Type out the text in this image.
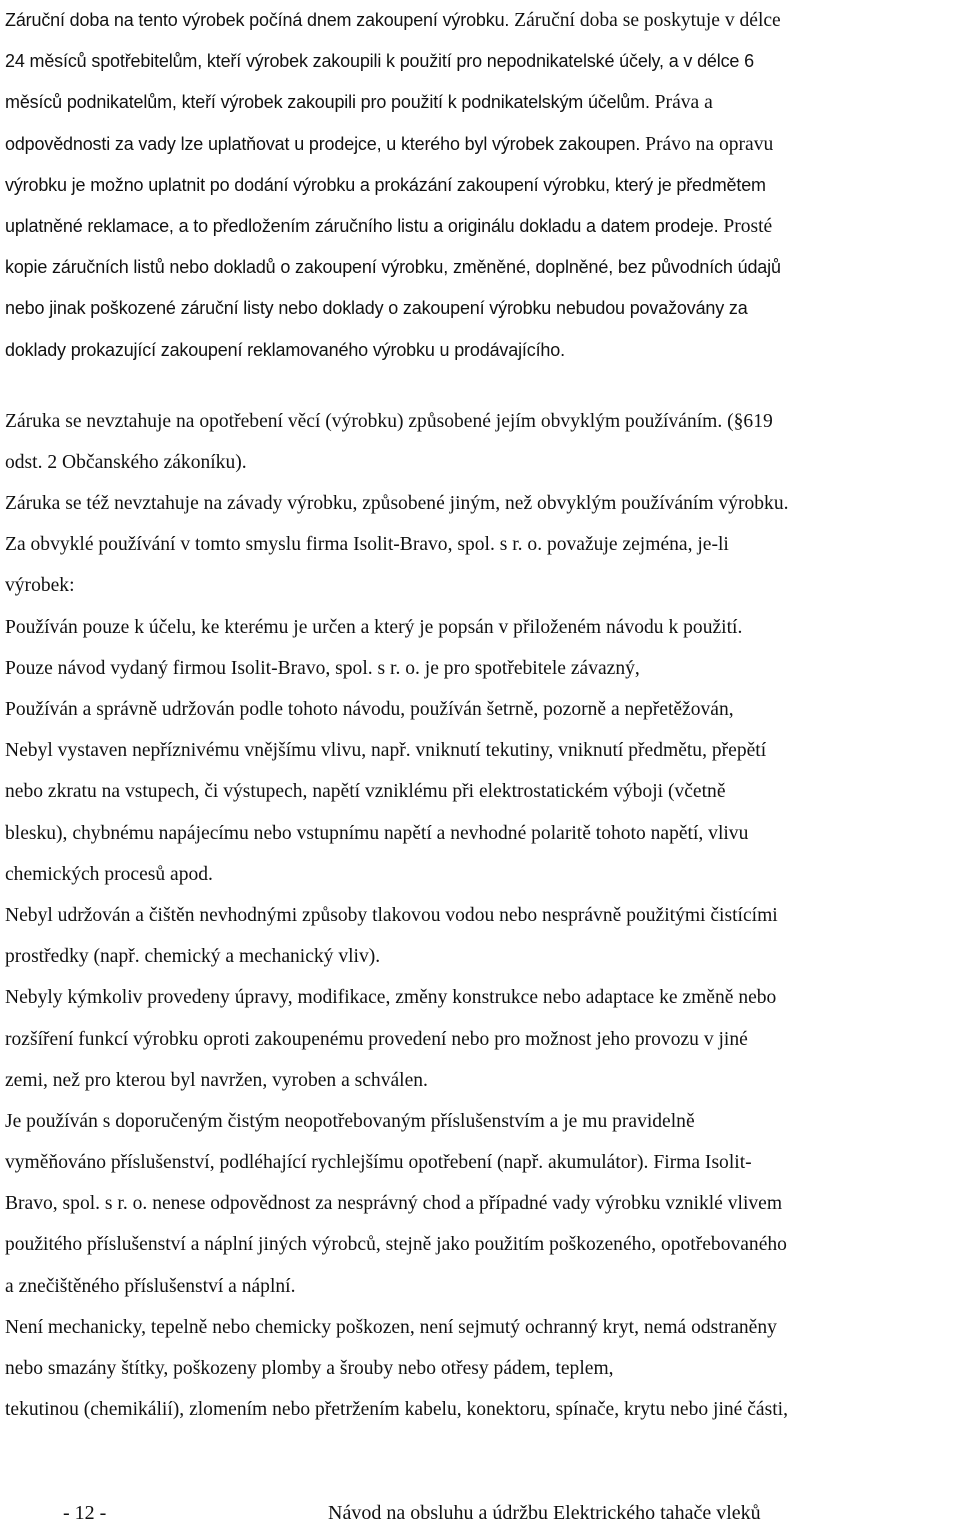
Záruční doba na tento výrobek počíná dnem zakoupení výrobku. Záruční doba se poskytuje v délce
24 měsíců spotřebitelům, kteří výrobek zakoupili k použití pro nepodnikatelské účely, a v délce 6
měsíců podnikatelům, kteří výrobek zakoupili pro použití k podnikatelským účelům. Práva a
odpovědnosti za vady lze uplatňovat u prodejce, u kterého byl výrobek zakoupen. Právo na opravu
výrobku je možno uplatnit po dodání výrobku a prokázání zakoupení výrobku, který je předmětem
uplatněné reklamace, a to předložením záručního listu a originálu dokladu a datem prodeje. Prosté
kopie záručních listů nebo dokladů o zakoupení výrobku, změněné, doplněné, bez původních údajů
nebo jinak poškozené záruční listy nebo doklady o zakoupení výrobku nebudou považovány za
doklady prokazující zakoupení reklamovaného výrobku u prodávajícího.

Záruka se nevztahuje na opotřebení věcí (výrobku) způsobené jejím obvyklým používáním. (§619
odst. 2 Občanského zákoníku).
Záruka se též nevztahuje na závady výrobku, způsobené jiným, než obvyklým používáním výrobku.
Za obvyklé používání v tomto smyslu firma Isolit-Bravo, spol. s r. o. považuje zejména, je-li
výrobek:
Používán pouze k účelu, ke kterému je určen a který je popsán v přiloženém návodu k použití.
Pouze návod vydaný firmou Isolit-Bravo, spol. s r. o. je pro spotřebitele závazný,
Používán a správně udržován podle tohoto návodu, používán šetrně, pozorně a nepřetěžován,
Nebyl vystaven nepříznivému vnějšímu vlivu, např. vniknutí tekutiny, vniknutí předmětu, přepětí
nebo zkratu na vstupech, či výstupech, napětí vzniklému při elektrostatickém výboji (včetně
blesku), chybnému napájecímu nebo vstupnímu napětí a nevhodné polaritě tohoto napětí, vlivu
chemických procesů apod.
Nebyl udržován a čištěn nevhodnými způsoby tlakovou vodou nebo nesprávně použitými čistícími
prostředky (např. chemický a mechanický vliv).
Nebyly kýmkoliv provedeny úpravy, modifikace, změny konstrukce nebo adaptace ke změně nebo
rozšíření funkcí výrobku oproti zakoupenému provedení nebo pro možnost jeho provozu v jiné
zemi, než pro kterou byl navržen, vyroben a schválen.
Je používán s doporučeným čistým neopotřebovaným příslušenstvím a je mu pravidelně
vyměňováno příslušenství, podléhající rychlejšímu opotřebení (např. akumulátor). Firma Isolit-
Bravo, spol. s r. o. nenese odpovědnost za nesprávný chod a případné vady výrobku vzniklé vlivem
použitého příslušenství a náplní jiných výrobců, stejně jako použitím poškozeného, opotřebovaného
a znečištěného příslušenství a náplní.
Není mechanicky, tepelně nebo chemicky poškozen, není sejmutý ochranný kryt, nemá odstraněny
nebo smazány štítky, poškozeny plomby a šrouby nebo otřesy pádem, teplem,
tekutinou (chemikálií), zlomením nebo přetržením kabelu, konektoru, spínače, krytu nebo jiné části,

- 12 -	Návod na obsluhu a údržbu Elektrického tahače vleků
